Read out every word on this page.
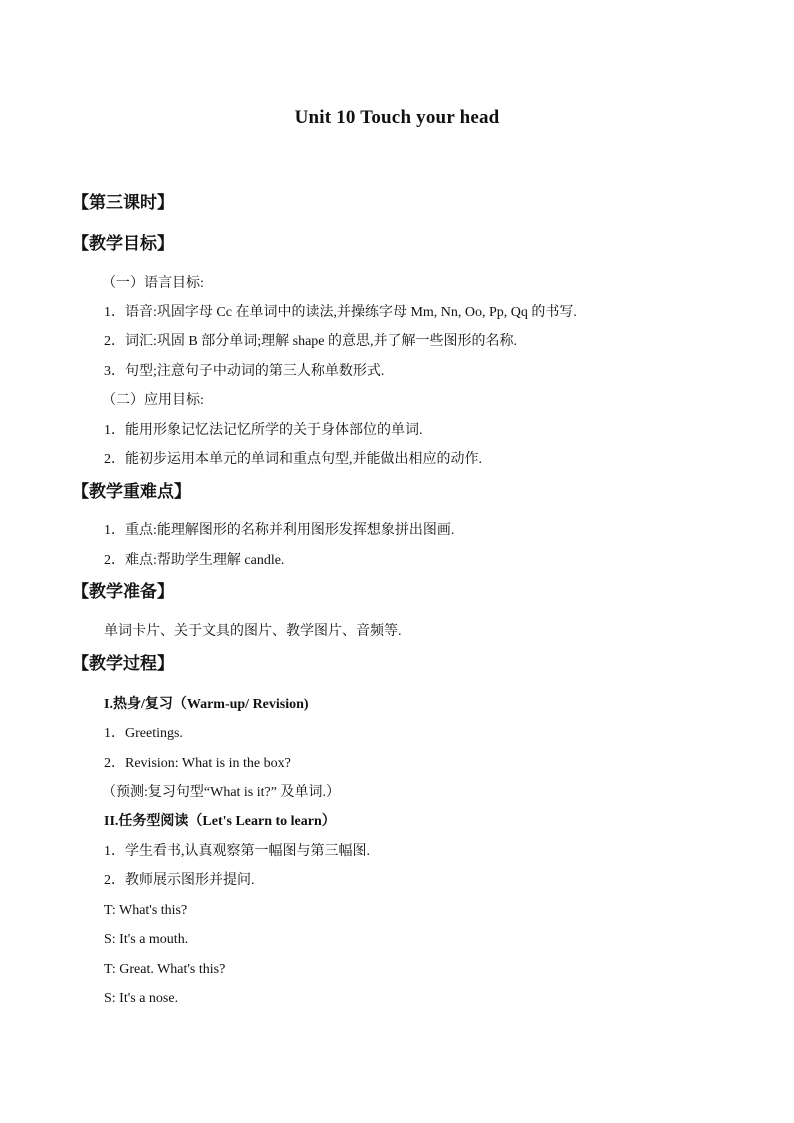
Unit 10 Touch your head
【第三课时】
【教学目标】
（一）语言目标:
1．语音:巩固字母 Cc 在单词中的读法,并操练字母 Mm, Nn, Oo, Pp, Qq 的书写.
2．词汇:巩固 B 部分单词;理解 shape 的意思,并了解一些图形的名称.
3．句型;注意句子中动词的第三人称单数形式.
（二）应用目标:
1．能用形象记忆法记忆所学的关于身体部位的单词.
2．能初步运用本单元的单词和重点句型,并能做出相应的动作.
【教学重难点】
1．重点:能理解图形的名称并利用图形发挥想象拼出图画.
2．难点:帮助学生理解 candle.
【教学准备】
单词卡片、关于文具的图片、教学图片、音频等.
【教学过程】
I.热身/复习（Warm-up/ Revision)
1．Greetings.
2．Revision: What is in the box?
（预测:复习句型“What is it?” 及单词.）
II.任务型阅读（Let's Learn to learn）
1．学生看书,认真观察第一幅图与第三幅图.
2．教师展示图形并提问.
T: What's this?
S: It's a mouth.
T: Great. What's this?
S: It's a nose.
